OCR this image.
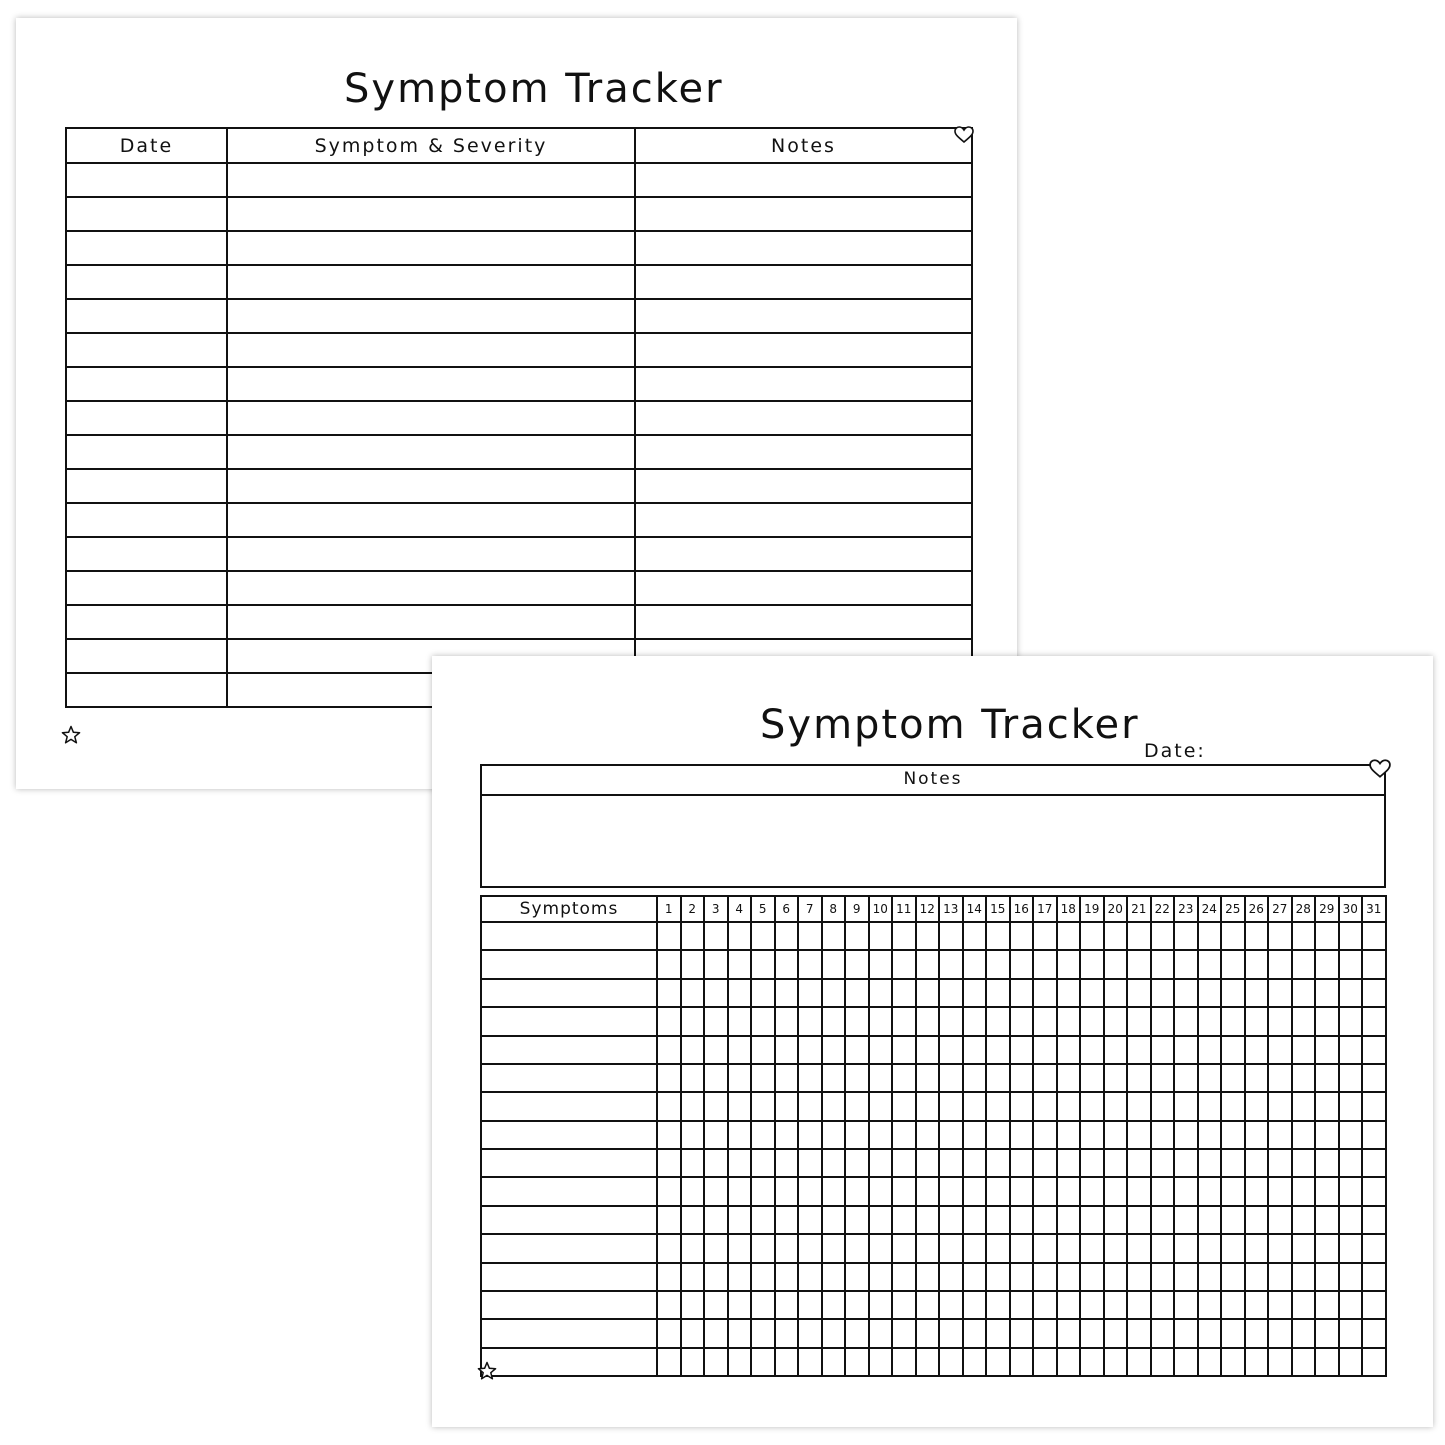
Symptom Tracker
Date	Symptom & Severity	Notes

Symptom Tracker
Date:
Notes
Symptoms	1	2	3	4	5	6	7	8	9	10	11	12	13	14	15	16	17	18	19	20	21	22	23	24	25	26	27	28	29	30	31
